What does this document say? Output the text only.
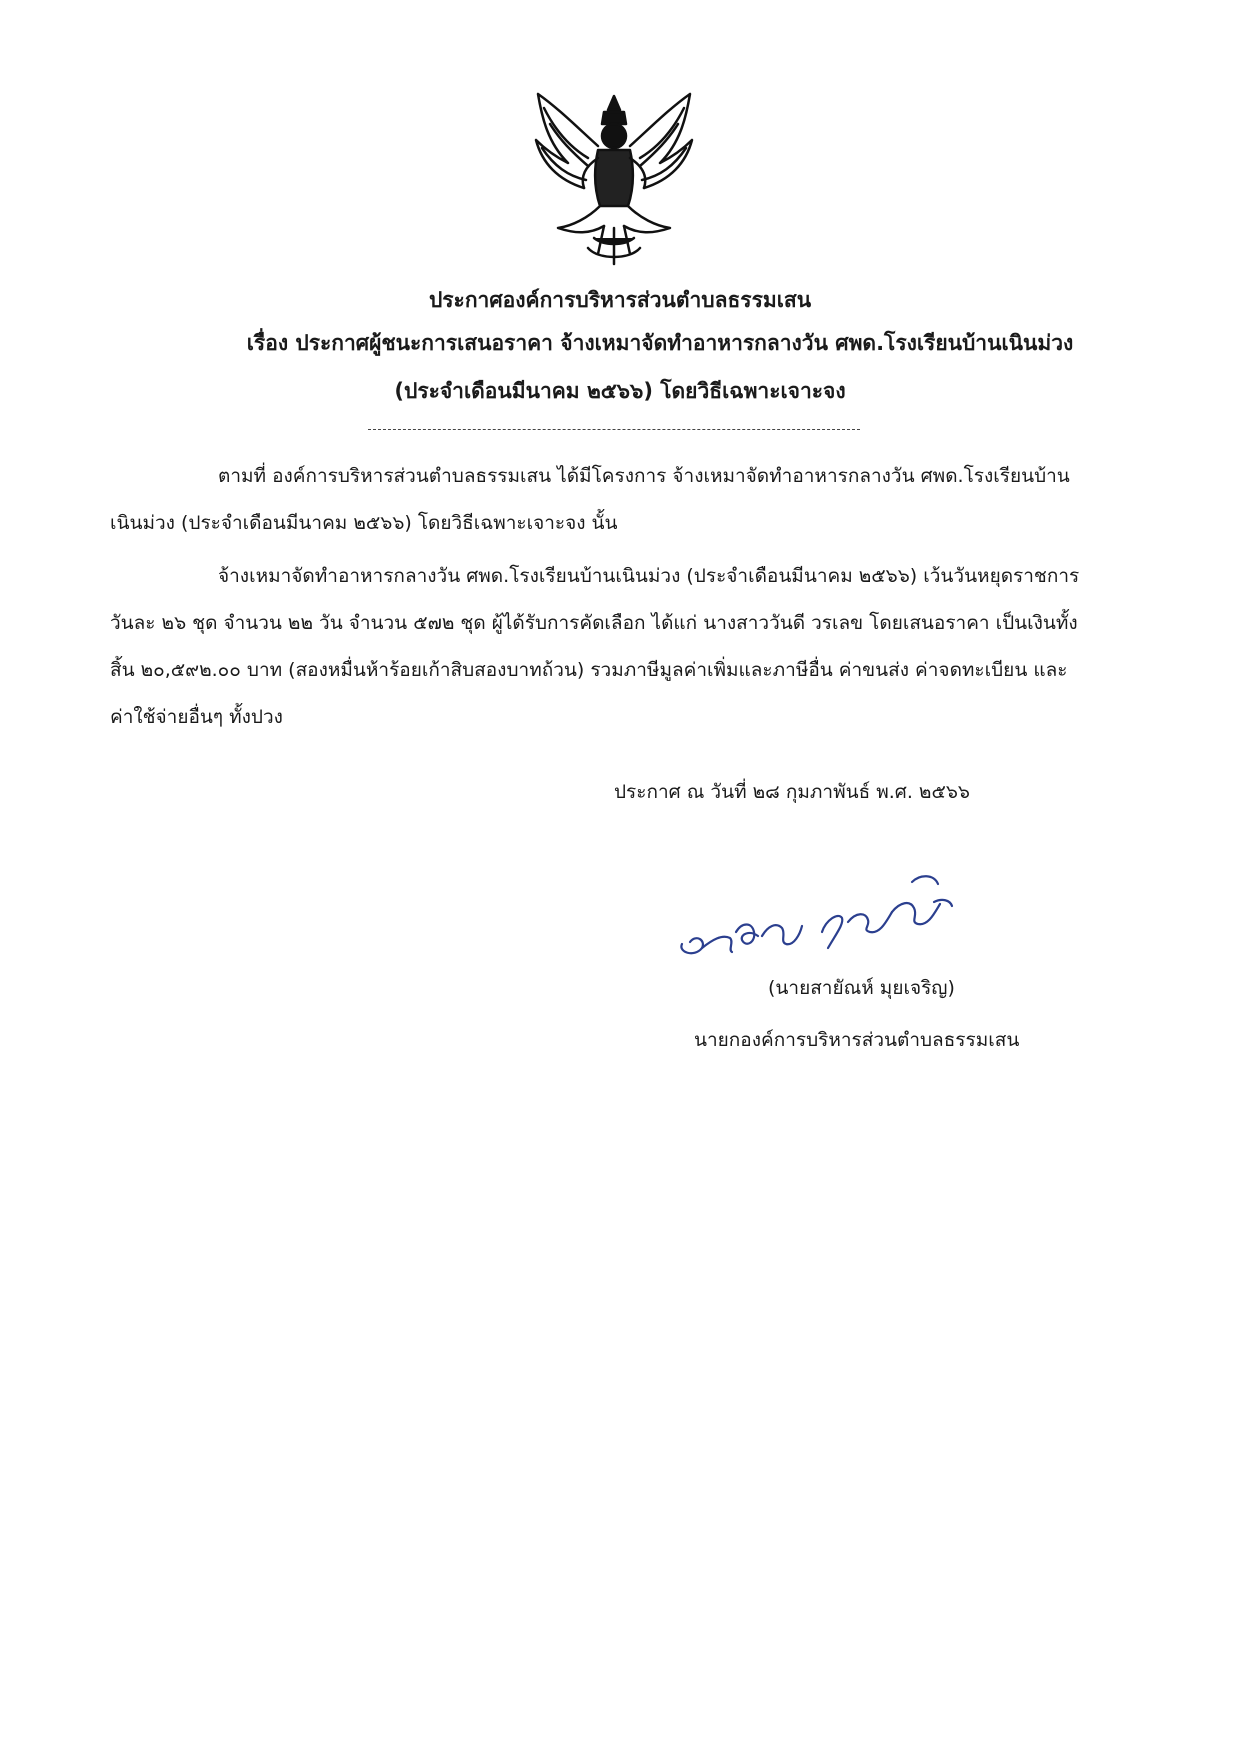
ประกาศองค์การบริหารส่วนตำบลธรรมเสน
เรื่อง ประกาศผู้ชนะการเสนอราคา จ้างเหมาจัดทำอาหารกลางวัน ศพด.โรงเรียนบ้านเนินม่วง
(ประจำเดือนมีนาคม ๒๕๖๖) โดยวิธีเฉพาะเจาะจง
ตามที่ องค์การบริหารส่วนตำบลธรรมเสน ได้มีโครงการ จ้างเหมาจัดทำอาหารกลางวัน ศพด.โรงเรียนบ้านเนินม่วง (ประจำเดือนมีนาคม ๒๕๖๖) โดยวิธีเฉพาะเจาะจง นั้น
จ้างเหมาจัดทำอาหารกลางวัน ศพด.โรงเรียนบ้านเนินม่วง (ประจำเดือนมีนาคม ๒๕๖๖) เว้นวันหยุดราชการ วันละ ๒๖ ชุด จำนวน ๒๒ วัน จำนวน ๕๗๒ ชุด ผู้ได้รับการคัดเลือก ได้แก่ นางสาววันดี วรเลข โดยเสนอราคา เป็นเงินทั้งสิ้น ๒๐,๕๙๒.๐๐ บาท (สองหมื่นห้าร้อยเก้าสิบสองบาทถ้วน) รวมภาษีมูลค่าเพิ่มและภาษีอื่น ค่าขนส่ง ค่าจดทะเบียน และค่าใช้จ่ายอื่นๆ ทั้งปวง
ประกาศ ณ วันที่ ๒๘ กุมภาพันธ์ พ.ศ. ๒๕๖๖
(นายสายัณห์ มุยเจริญ)
นายกองค์การบริหารส่วนตำบลธรรมเสน
